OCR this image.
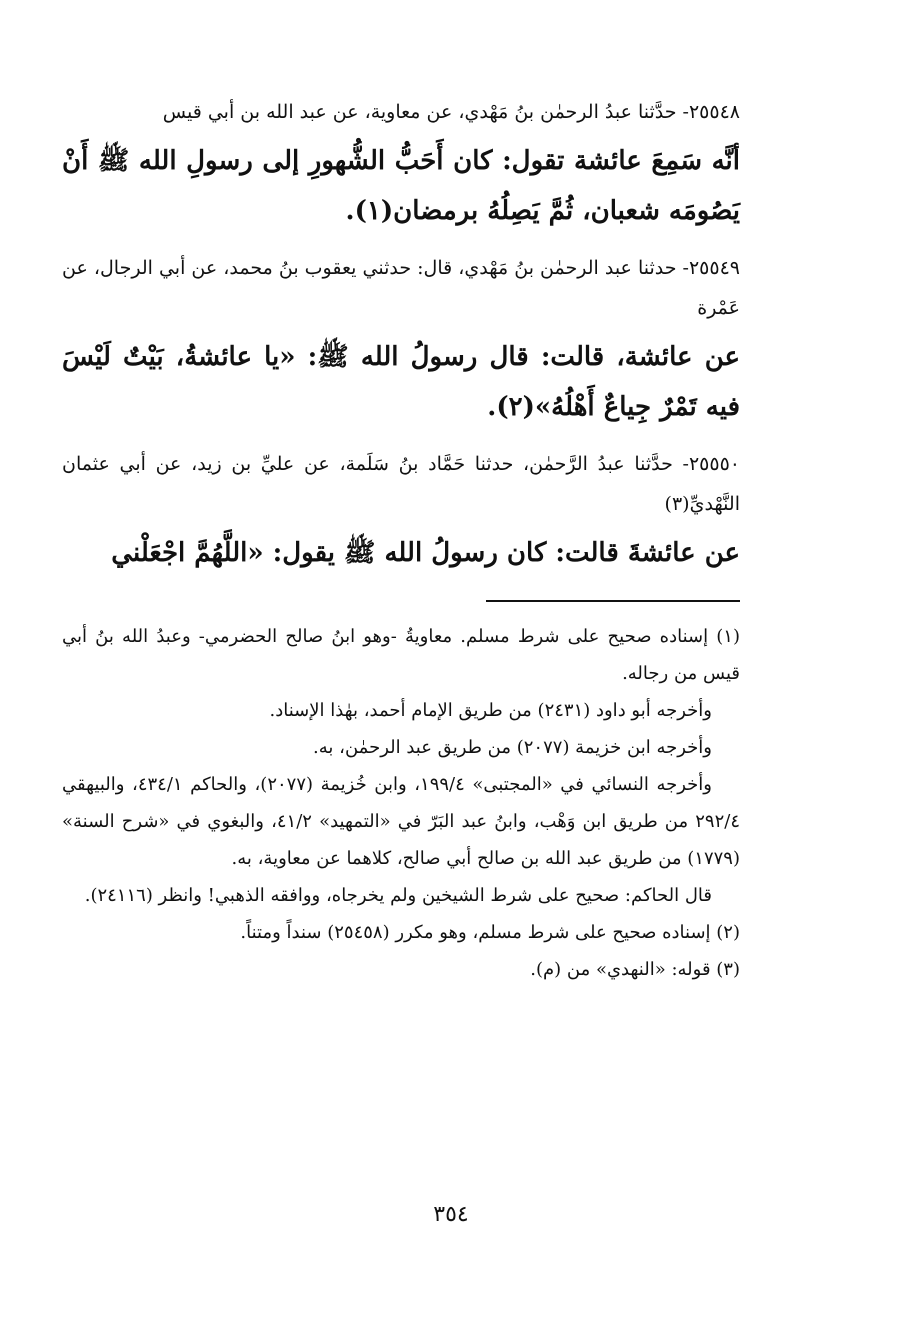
٢٥٥٤٨- حدَّثنا عبدُ الرحمٰن بنُ مَهْدي، عن معاوية، عن عبد الله بن أبي قيس

أنَّه سَمِعَ عائشة تقول: كان أَحَبُّ الشُّهورِ إلى رسولِ الله ﷺ أَنْ يَصُومَه شعبان، ثُمَّ يَصِلُهُ برمضان(١).

٢٥٥٤٩- حدثنا عبد الرحمٰن بنُ مَهْدي، قال: حدثني يعقوب بنُ محمد، عن أبي الرجال، عن عَمْرة

عن عائشة، قالت: قال رسولُ الله ﷺ: «يا عائشةُ، بَيْتٌ لَيْسَ فيه تَمْرٌ جِياعٌ أَهْلُهُ»(٢).

٢٥٥٥٠- حدَّثنا عبدُ الرَّحمٰن، حدثنا حَمَّاد بنُ سَلَمة، عن عليِّ بن زيد، عن أبي عثمان النَّهْديِّ(٣)

عن عائشةَ قالت: كان رسولُ الله ﷺ يقول: «اللَّهُمَّ اجْعَلْني

(١) إسناده صحيح على شرط مسلم. معاويةُ -وهو ابنُ صالح الحضرمي- وعبدُ الله بنُ أبي قيس من رجاله.

وأخرجه أبو داود (٢٤٣١) من طريق الإمام أحمد، بهٰذا الإسناد.

وأخرجه ابن خزيمة (٢٠٧٧) من طريق عبد الرحمٰن، به.

وأخرجه النسائي في «المجتبى» ١٩٩/٤، وابن خُزيمة (٢٠٧٧)، والحاكم ٤٣٤/١، والبيهقي ٢٩٢/٤ من طريق ابن وَهْب، وابنُ عبد البَرّ في «التمهيد» ٤١/٢، والبغوي في «شرح السنة» (١٧٧٩) من طريق عبد الله بن صالح أبي صالح، كلاهما عن معاوية، به.

قال الحاكم: صحيح على شرط الشيخين ولم يخرجاه، ووافقه الذهبي! وانظر (٢٤١١٦).

(٢) إسناده صحيح على شرط مسلم، وهو مكرر (٢٥٤٥٨) سنداً ومتناً.

(٣) قوله: «النهدي» من (م).

٣٥٤
